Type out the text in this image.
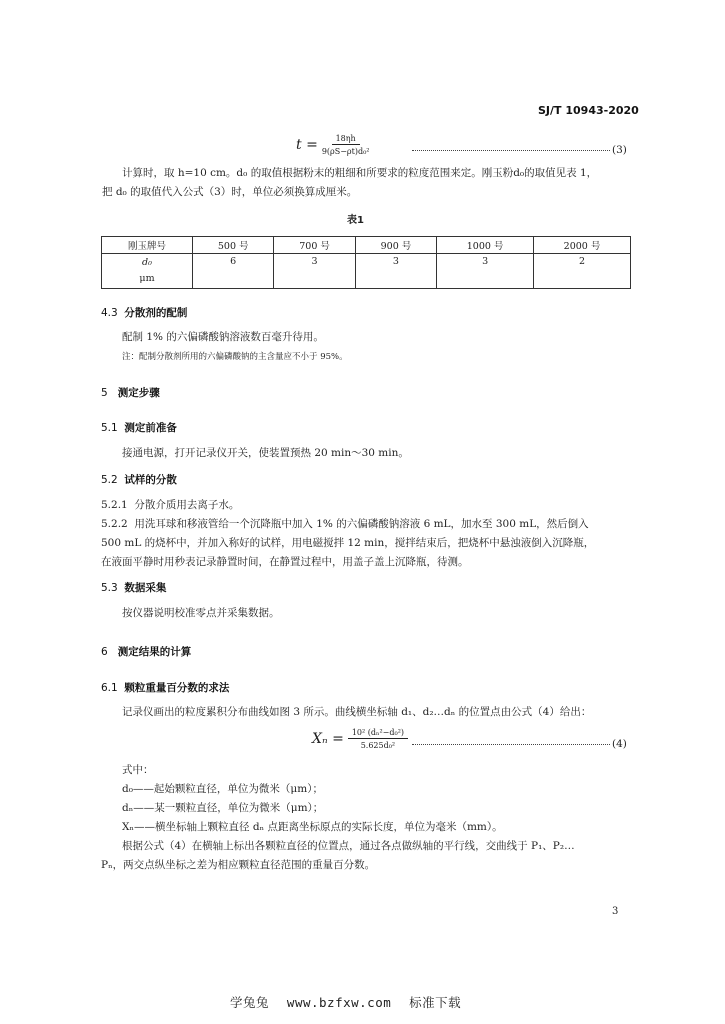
SJ/T 10943-2020
$t = \frac{18\eta h}{\text{9(ρS−ρt)d₀²}}$	(3)
计算时，取 h=10 cm。d₀ 的取值根据粉末的粗细和所要求的粒度范围来定。刚玉粉d₀的取值见表 1，
把 d₀ 的取值代入公式（3）时，单位必须换算成厘米。
表1
刚玉牌号	500 号	700 号	900 号	1000 号	2000 号

d₀
μm	6	3	3	3	2
4.3 分散剂的配制
配制 1% 的六偏磷酸钠溶液数百毫升待用。
注：配制分散剂所用的六偏磷酸钠的主含量应不小于 95%。
5 测定步骤
5.1 测定前准备
接通电源，打开记录仪开关，使装置预热 20 min～30 min。
5.2 试样的分散
5.2.1 分散介质用去离子水。
5.2.2 用洗耳球和移液管给一个沉降瓶中加入 1% 的六偏磷酸钠溶液 6 mL，加水至 300 mL，然后倒入
500 mL 的烧杯中，并加入称好的试样，用电磁搅拌 12 min，搅拌结束后，把烧杯中悬浊液倒入沉降瓶，
在液面平静时用秒表记录静置时间，在静置过程中，用盖子盖上沉降瓶，待测。
5.3 数据采集
按仪器说明校准零点并采集数据。
6 测定结果的计算
6.1 颗粒重量百分数的求法
记录仪画出的粒度累积分布曲线如图 3 所示。曲线横坐标轴 d₁、d₂…dₙ 的位置点由公式（4）给出：
$X_n = \frac{\text{10² (dₙ²−d₀²)}}{\text{5.625d₀²}}$	(4)
式中：
d₀——起始颗粒直径，单位为微米（μm）；
dₙ——某一颗粒直径，单位为微米（μm）；
Xₙ——横坐标轴上颗粒直径 dₙ 点距离坐标原点的实际长度，单位为毫米（mm）。
根据公式（4）在横轴上标出各颗粒直径的位置点，通过各点做纵轴的平行线，交曲线于 P₁、P₂…
Pₙ，两交点纵坐标之差为相应颗粒直径范围的重量百分数。
3
学兔兔 www.bzfxw.com 标准下载
